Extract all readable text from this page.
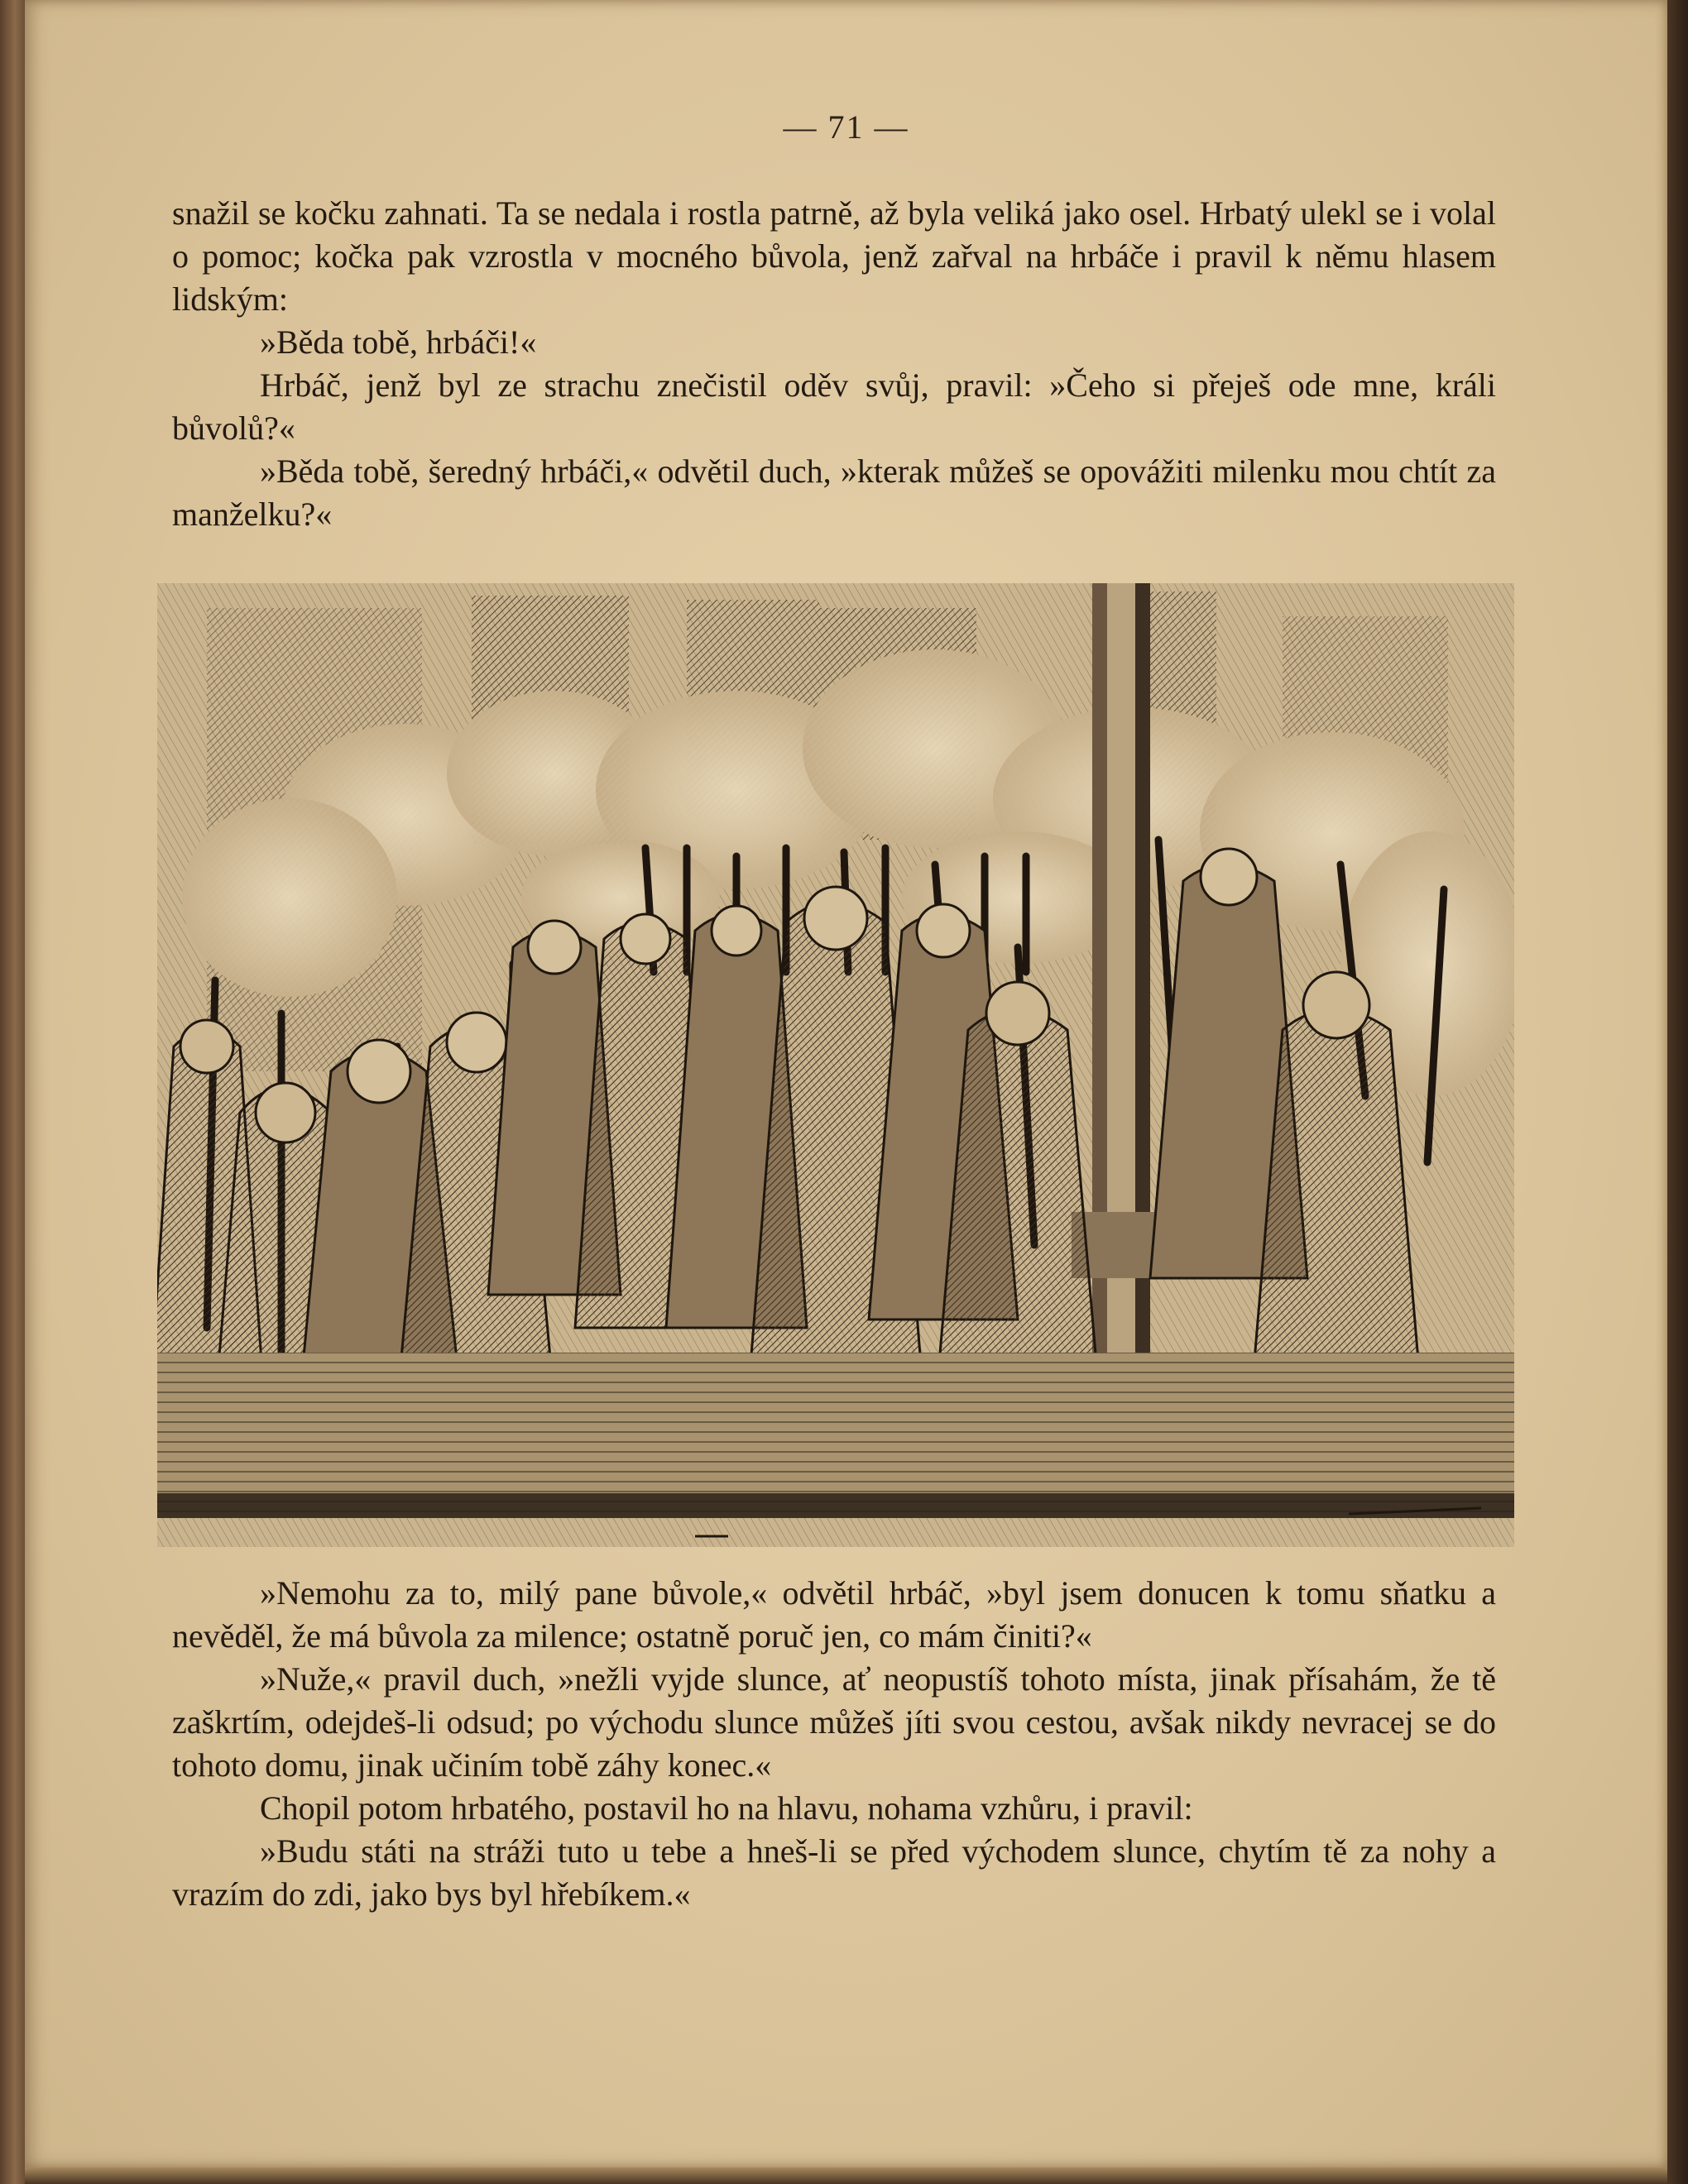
— 71 —

snažil se kočku zahnati. Ta se nedala i rostla patrně, až byla veliká jako osel. Hrbatý ulekl se i volal o pomoc; kočka pak vzrostla v mocného bůvola, jenž zařval na hrbáče i pravil k němu hlasem lidským:

»Běda tobě, hrbáči!«

Hrbáč, jenž byl ze strachu znečistil oděv svůj, pravil: »Čeho si přeješ ode mne, králi bůvolů?«

»Běda tobě, šeredný hrbáči,« odvětil duch, »kterak můžeš se opovážiti milenku mou chtít za manželku?«

»Nemohu za to, milý pane bůvole,« odvětil hrbáč, »byl jsem donucen k tomu sňatku a nevěděl, že má bůvola za milence; ostatně poruč jen, co mám činiti?«

»Nuže,« pravil duch, »nežli vyjde slunce, ať neopustíš tohoto místa, jinak přísahám, že tě zaškrtím, odejdeš-li odsud; po východu slunce můžeš jíti svou cestou, avšak nikdy nevracej se do tohoto domu, jinak učiním tobě záhy konec.«

Chopil potom hrbatého, postavil ho na hlavu, nohama vzhůru, i pravil:

»Budu státi na stráži tuto u tebe a hneš-li se před východem slunce, chytím tě za nohy a vrazím do zdi, jako bys byl hřebíkem.«
